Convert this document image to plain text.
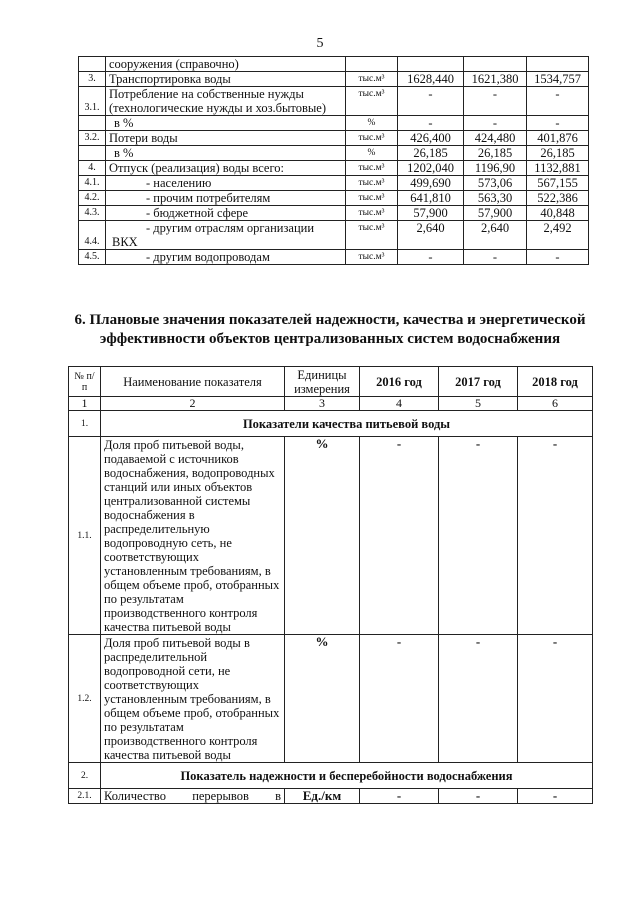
5
	сооружения (справочно)				
3.	Транспортировка воды	тыс.м³	1628,440	1621,380	1534,757
3.1.	Потребление на собственные нужды (технологические нужды и хоз.бытовые)	тыс.м³	-	-	-
	в %	%	-	-	-
3.2.	Потери воды	тыс.м³	426,400	424,480	401,876
	в %	%	26,185	26,185	26,185
4.	Отпуск (реализация) воды всего:	тыс.м³	1202,040	1196,90	1132,881
4.1.	- населению	тыс.м³	499,690	573,06	567,155
4.2.	- прочим потребителям	тыс.м³	641,810	563,30	522,386
4.3.	- бюджетной сфере	тыс.м³	57,900	57,900	40,848
4.4.	- другим отраслям организации ВКХ	тыс.м³	2,640	2,640	2,492
4.5.	- другим водопроводам	тыс.м³	-	-	-
6. Плановые значения показателей надежности, качества и энергетической эффективности объектов централизованных систем водоснабжения
№ п/п	Наименование показателя	Единицы измерения	2016 год	2017 год	2018 год
1	2	3	4	5	6
1.	Показатели качества питьевой воды				
1.1.	Доля проб питьевой воды, подаваемой с источников водоснабжения, водопроводных станций или иных объектов централизованной системы водоснабжения в распределительную водопроводную сеть, не соответствующих установленным требованиям, в общем объеме проб, отобранных по результатам производственного контроля качества питьевой воды	%	-	-	-
1.2.	Доля проб питьевой воды в распределительной водопроводной сети, не соответствующих установленным требованиям, в общем объеме проб, отобранных по результатам производственного контроля качества питьевой воды	%	-	-	-
2.	Показатель надежности и бесперебойности водоснабжения				
2.1.	Количество перерывов в	Ед./км	-	-	-
